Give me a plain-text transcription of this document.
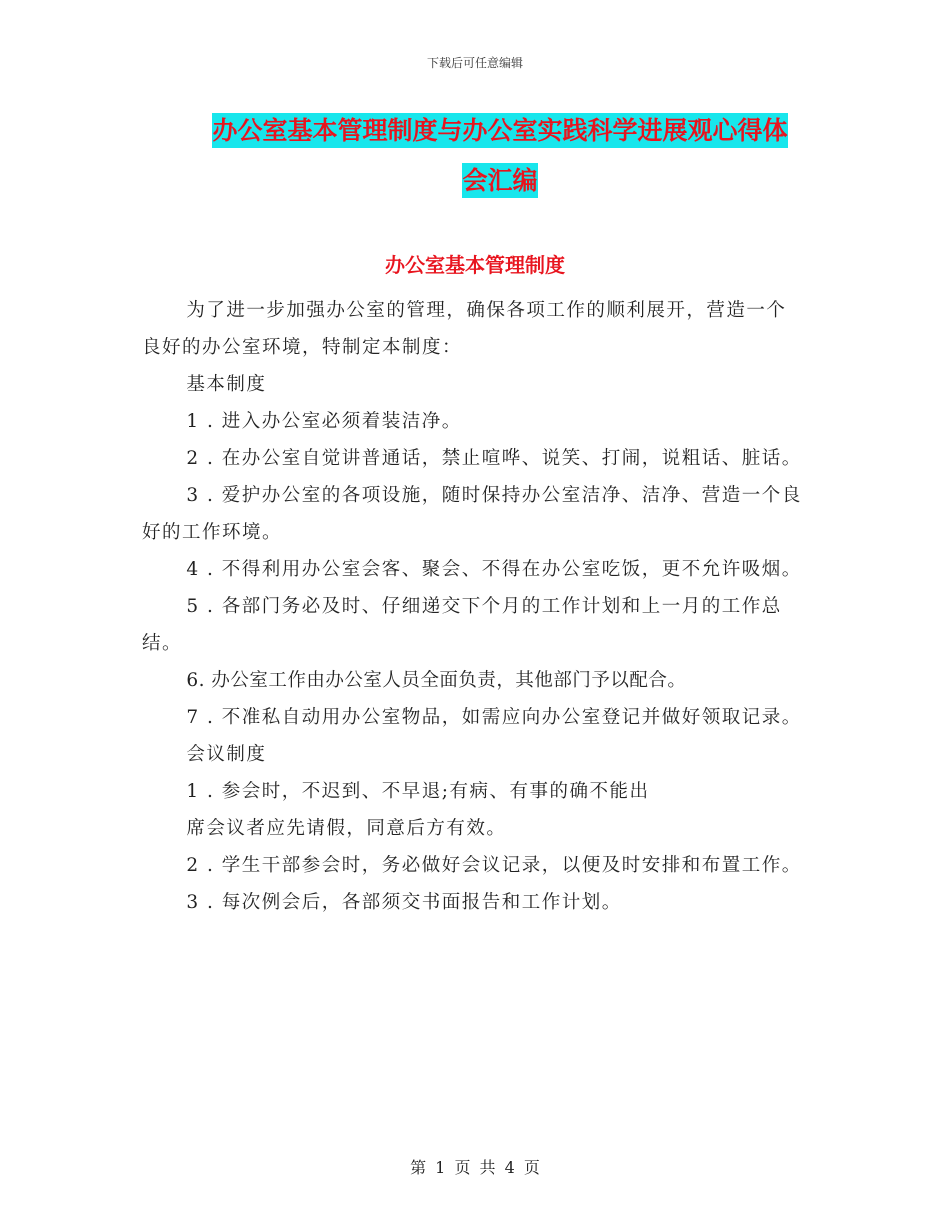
下载后可任意编辑
办公室基本管理制度与办公室实践科学进展观心得体
会汇编
办公室基本管理制度

为了进一步加强办公室的管理，确保各项工作的顺利展开，营造一个良好的办公室环境，特制定本制度：

基本制度

1 . 进入办公室必须着装洁净。

2 . 在办公室自觉讲普通话，禁止喧哗、说笑、打闹，说粗话、脏话。

3 . 爱护办公室的各项设施，随时保持办公室洁净、洁净、营造一个良好的工作环境。

4 . 不得利用办公室会客、聚会、不得在办公室吃饭，更不允许吸烟。

5 . 各部门务必及时、仔细递交下个月的工作计划和上一月的工作总结。

6. 办公室工作由办公室人员全面负责，其他部门予以配合。

7 . 不准私自动用办公室物品，如需应向办公室登记并做好领取记录。

会议制度

1 . 参会时，不迟到、不早退;有病、有事的确不能出

席会议者应先请假，同意后方有效。

2 . 学生干部参会时，务必做好会议记录，以便及时安排和布置工作。

3 . 每次例会后，各部须交书面报告和工作计划。

第 1 页 共 4 页
